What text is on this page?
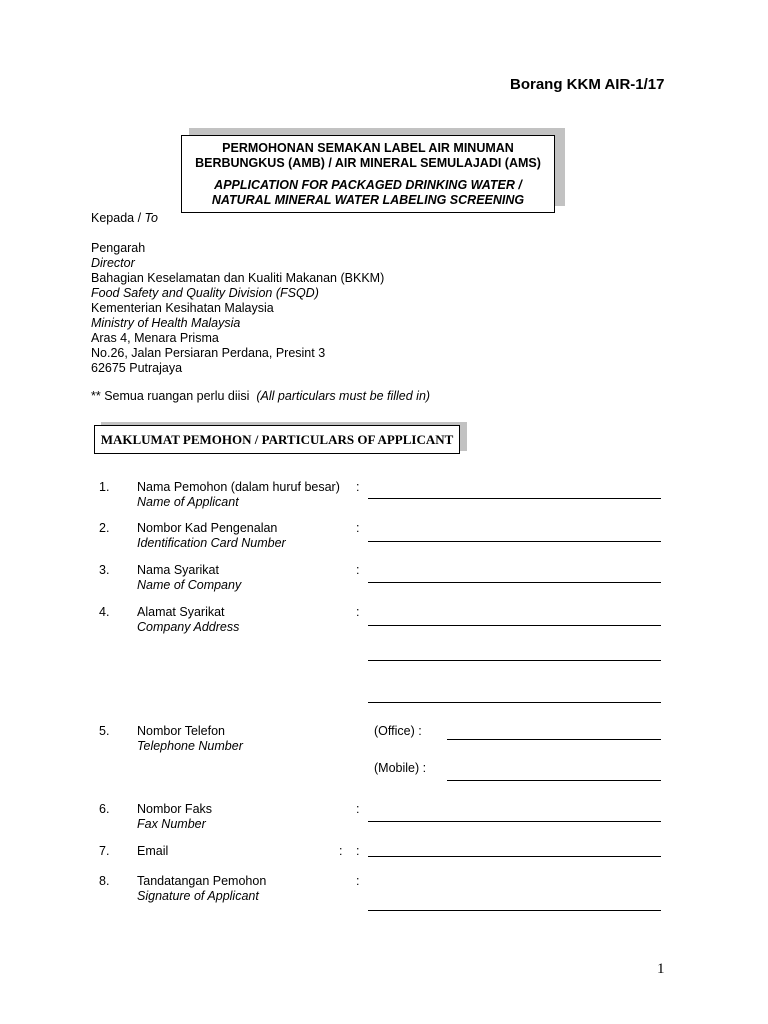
Borang KKM AIR-1/17
PERMOHONAN SEMAKAN LABEL AIR MINUMAN
BERBUNGKUS (AMB) / AIR MINERAL SEMULAJADI (AMS)
APPLICATION FOR PACKAGED DRINKING WATER /
NATURAL MINERAL WATER LABELING SCREENING
Kepada / To
Pengarah
Director
Bahagian Keselamatan dan Kualiti Makanan (BKKM)
Food Safety and Quality Division (FSQD)
Kementerian Kesihatan Malaysia
Ministry of Health Malaysia
Aras 4, Menara Prisma
No.26, Jalan Persiaran Perdana, Presint 3
62675 Putrajaya
** Semua ruangan perlu diisi (All particulars must be filled in)
MAKLUMAT PEMOHON / PARTICULARS OF APPLICANT
1. Nama Pemohon (dalam huruf besar)
Name of Applicant
:
2. Nombor Kad Pengenalan
Identification Card Number
:
3. Nama Syarikat
Name of Company
:
4. Alamat Syarikat
Company Address
:
5. Nombor Telefon
Telephone Number
(Office) :
(Mobile) :
6. Nombor Faks
Fax Number
:
7. Email	: :
8. Tandatangan Pemohon
Signature of Applicant
:
1
